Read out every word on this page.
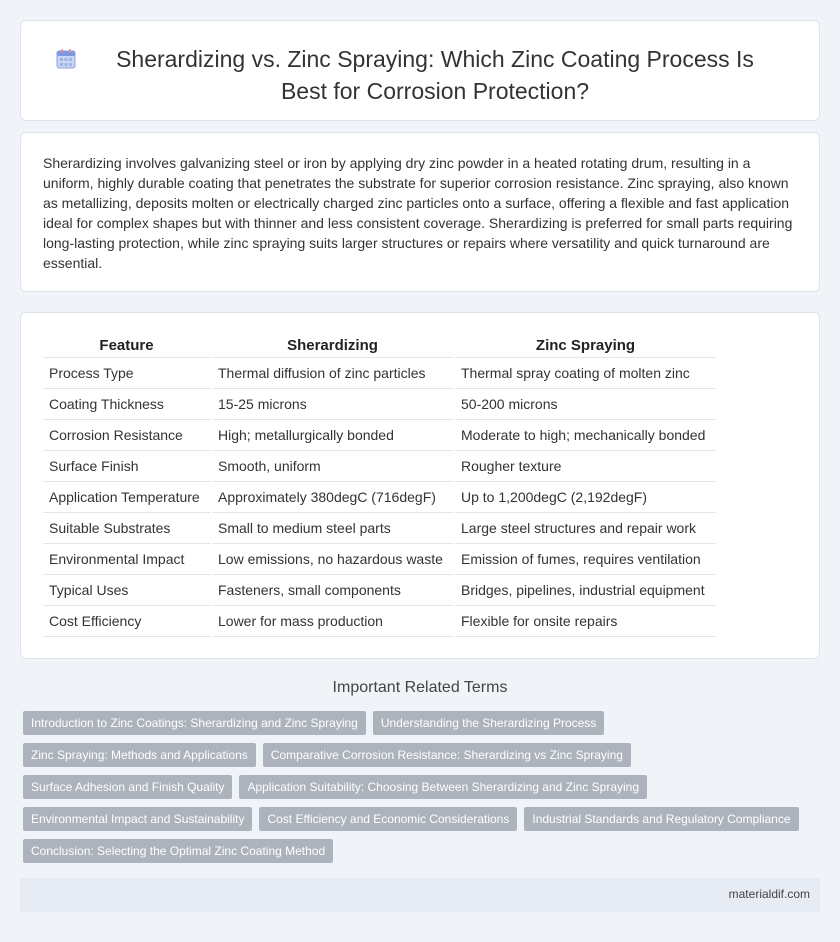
Sherardizing vs. Zinc Spraying: Which Zinc Coating Process Is Best for Corrosion Protection?

Sherardizing involves galvanizing steel or iron by applying dry zinc powder in a heated rotating drum, resulting in a uniform, highly durable coating that penetrates the substrate for superior corrosion resistance. Zinc spraying, also known as metallizing, deposits molten or electrically charged zinc particles onto a surface, offering a flexible and fast application ideal for complex shapes but with thinner and less consistent coverage. Sherardizing is preferred for small parts requiring long-lasting protection, while zinc spraying suits larger structures or repairs where versatility and quick turnaround are essential.

Feature	Sherardizing	Zinc Spraying
Process Type	Thermal diffusion of zinc particles	Thermal spray coating of molten zinc
Coating Thickness	15-25 microns	50-200 microns
Corrosion Resistance	High; metallurgically bonded	Moderate to high; mechanically bonded
Surface Finish	Smooth, uniform	Rougher texture
Application Temperature	Approximately 380degC (716degF)	Up to 1,200degC (2,192degF)
Suitable Substrates	Small to medium steel parts	Large steel structures and repair work
Environmental Impact	Low emissions, no hazardous waste	Emission of fumes, requires ventilation
Typical Uses	Fasteners, small components	Bridges, pipelines, industrial equipment
Cost Efficiency	Lower for mass production	Flexible for onsite repairs
Important Related Terms
Introduction to Zinc Coatings: Sherardizing and Zinc Spraying	Understanding the Sherardizing Process
Zinc Spraying: Methods and Applications	Comparative Corrosion Resistance: Sherardizing vs Zinc Spraying
Surface Adhesion and Finish Quality	Application Suitability: Choosing Between Sherardizing and Zinc Spraying
Environmental Impact and Sustainability	Cost Efficiency and Economic Considerations	Industrial Standards and Regulatory Compliance
Conclusion: Selecting the Optimal Zinc Coating Method
materialdif.com
